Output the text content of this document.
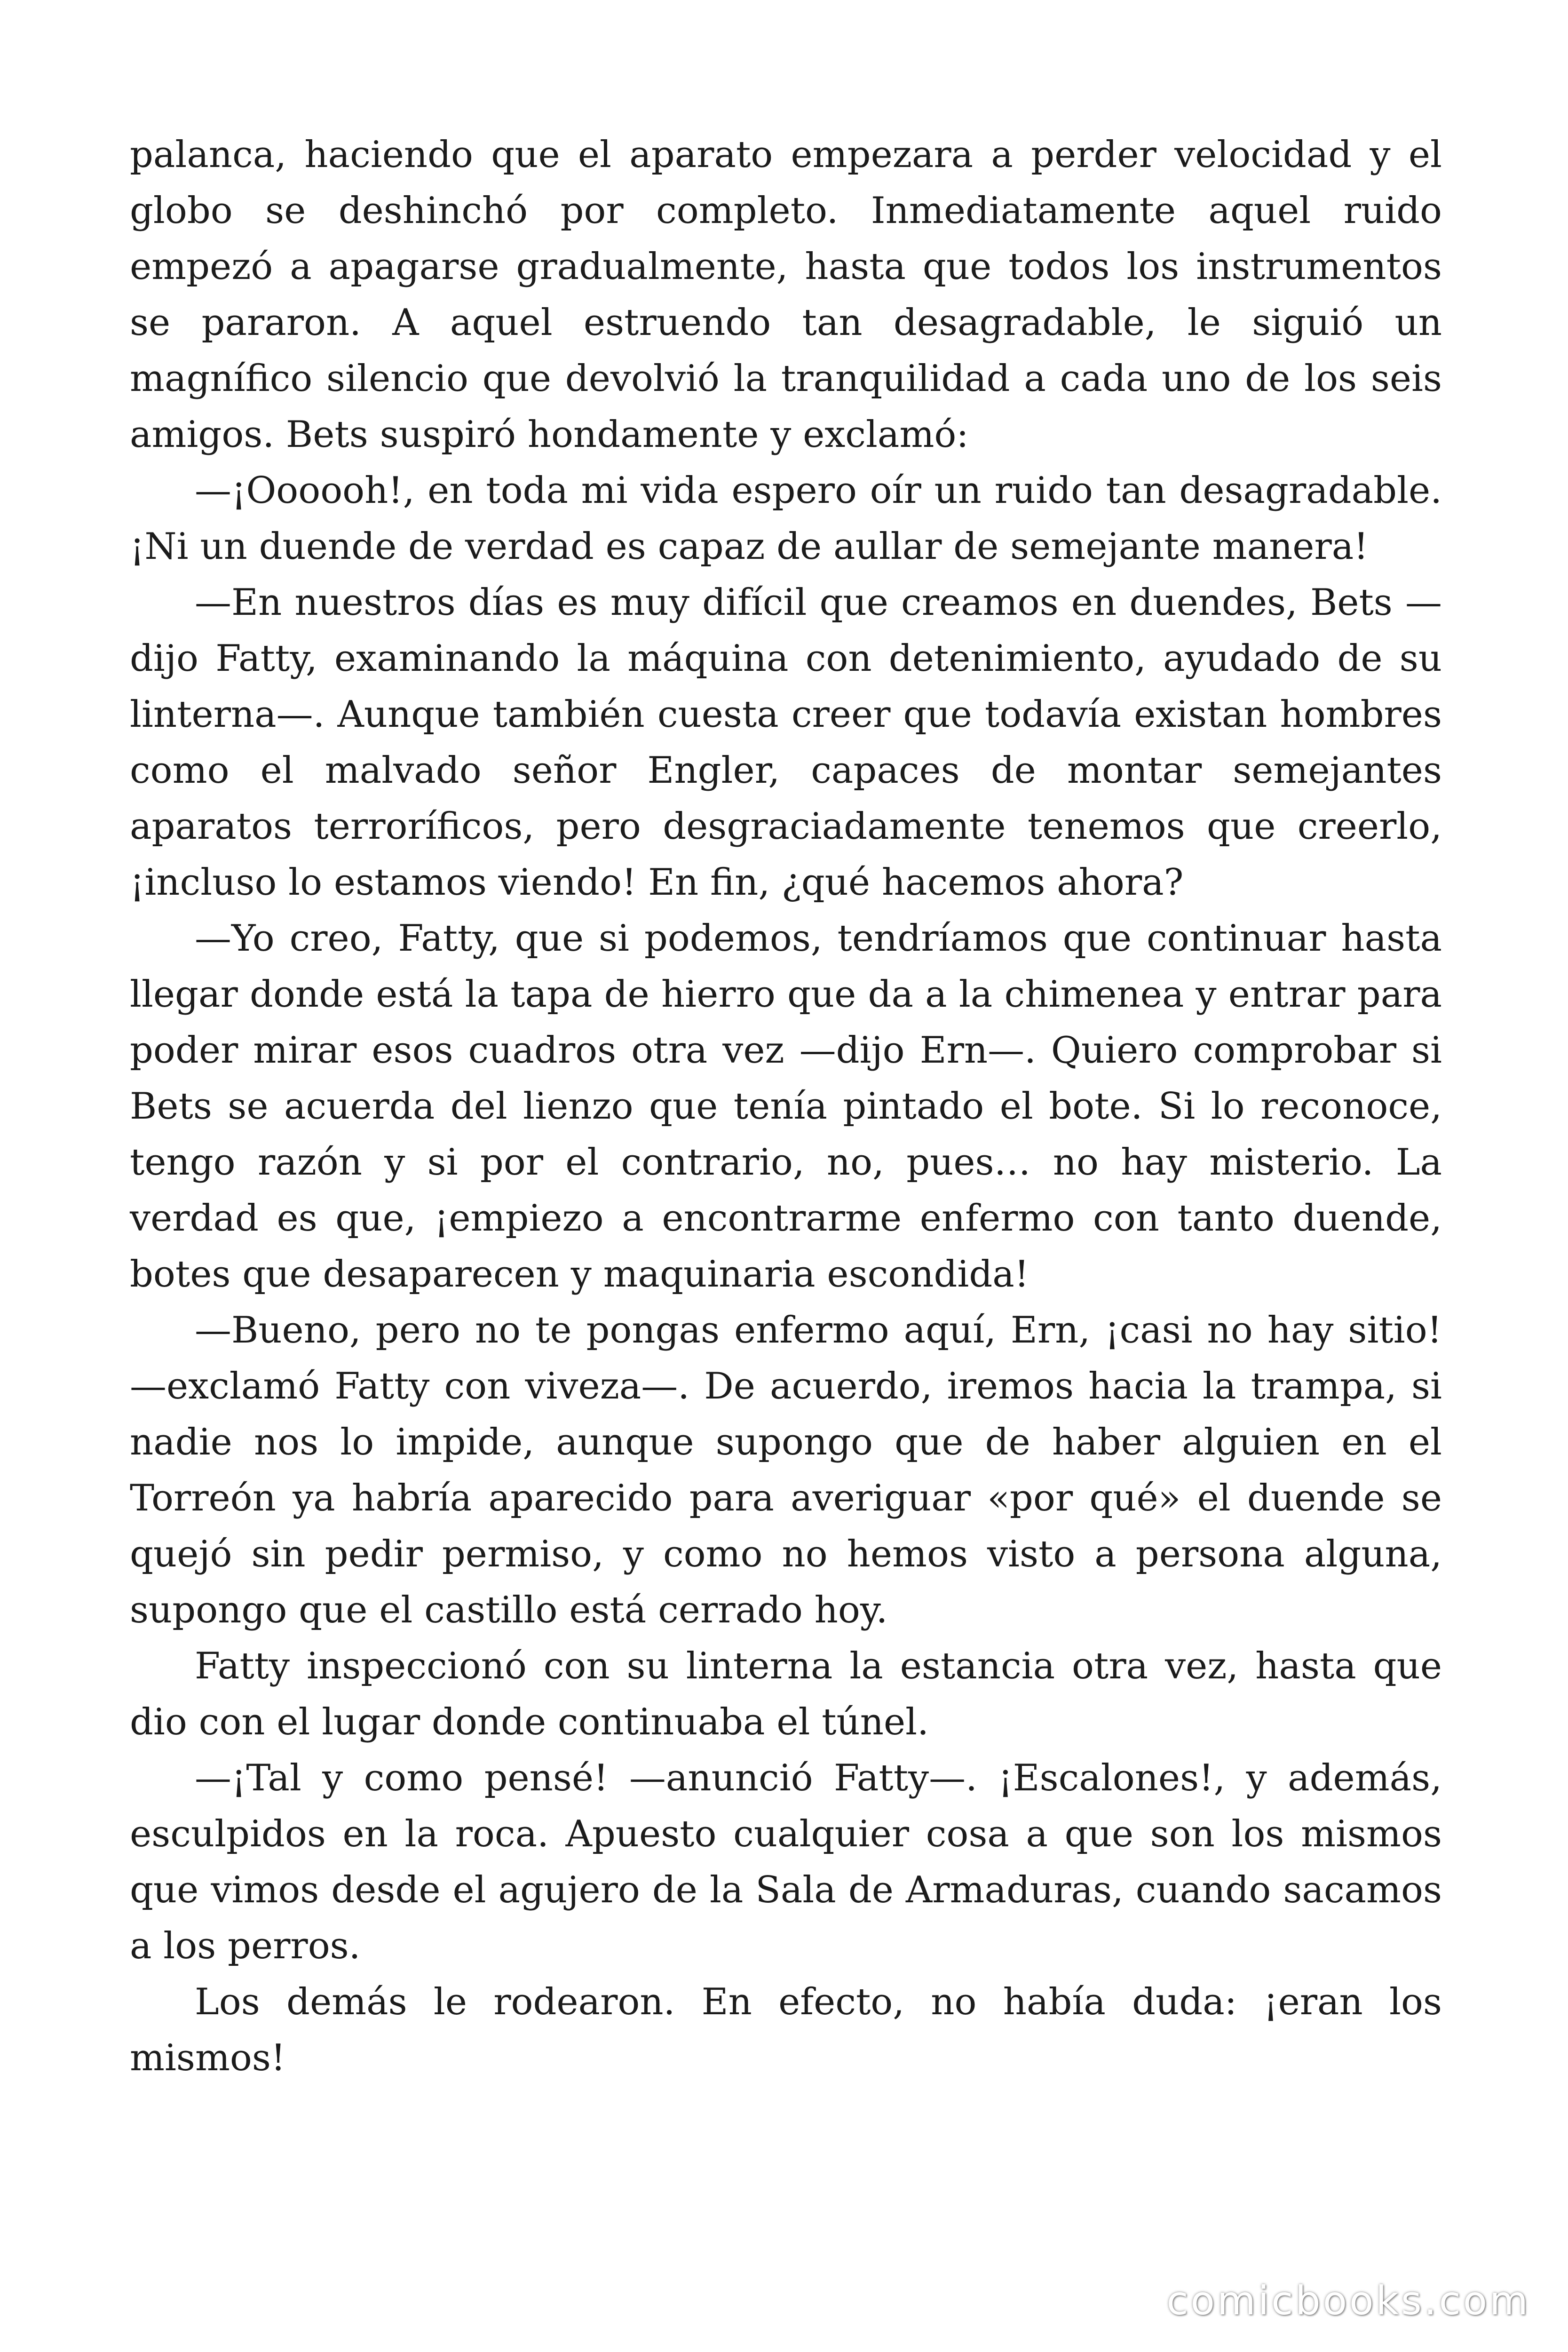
palanca, haciendo que el aparato empezara a perder velocidad y el globo se deshinchó por completo. Inmediatamente aquel ruido empezó a apagarse gradualmente, hasta que todos los instrumentos se pararon. A aquel estruendo tan desagradable, le siguió un magnífico silencio que devolvió la tranquilidad a cada uno de los seis amigos. Bets suspiró hondamente y exclamó:

—¡Oooooh!, en toda mi vida espero oír un ruido tan desagradable. ¡Ni un duende de verdad es capaz de aullar de semejante manera!

—En nuestros días es muy difícil que creamos en duendes, Bets —dijo Fatty, examinando la máquina con detenimiento, ayudado de su linterna—. Aunque también cuesta creer que todavía existan hombres como el malvado señor Engler, capaces de montar semejantes aparatos terroríficos, pero desgraciadamente tenemos que creerlo, ¡incluso lo estamos viendo! En fin, ¿qué hacemos ahora?

—Yo creo, Fatty, que si podemos, tendríamos que continuar hasta llegar donde está la tapa de hierro que da a la chimenea y entrar para poder mirar esos cuadros otra vez —dijo Ern—. Quiero comprobar si Bets se acuerda del lienzo que tenía pintado el bote. Si lo reconoce, tengo razón y si por el contrario, no, pues… no hay misterio. La verdad es que, ¡empiezo a encontrarme enfermo con tanto duende, botes que desaparecen y maquinaria escondida!

—Bueno, pero no te pongas enfermo aquí, Ern, ¡casi no hay sitio! —exclamó Fatty con viveza—. De acuerdo, iremos hacia la trampa, si nadie nos lo impide, aunque supongo que de haber alguien en el Torreón ya habría aparecido para averiguar «por qué» el duende se quejó sin pedir permiso, y como no hemos visto a persona alguna, supongo que el castillo está cerrado hoy.

Fatty inspeccionó con su linterna la estancia otra vez, hasta que dio con el lugar donde continuaba el túnel.

—¡Tal y como pensé! —anunció Fatty—. ¡Escalones!, y además, esculpidos en la roca. Apuesto cualquier cosa a que son los mismos que vimos desde el agujero de la Sala de Armaduras, cuando sacamos a los perros.

Los demás le rodearon. En efecto, no había duda: ¡eran los mismos!

comicbooks.com
